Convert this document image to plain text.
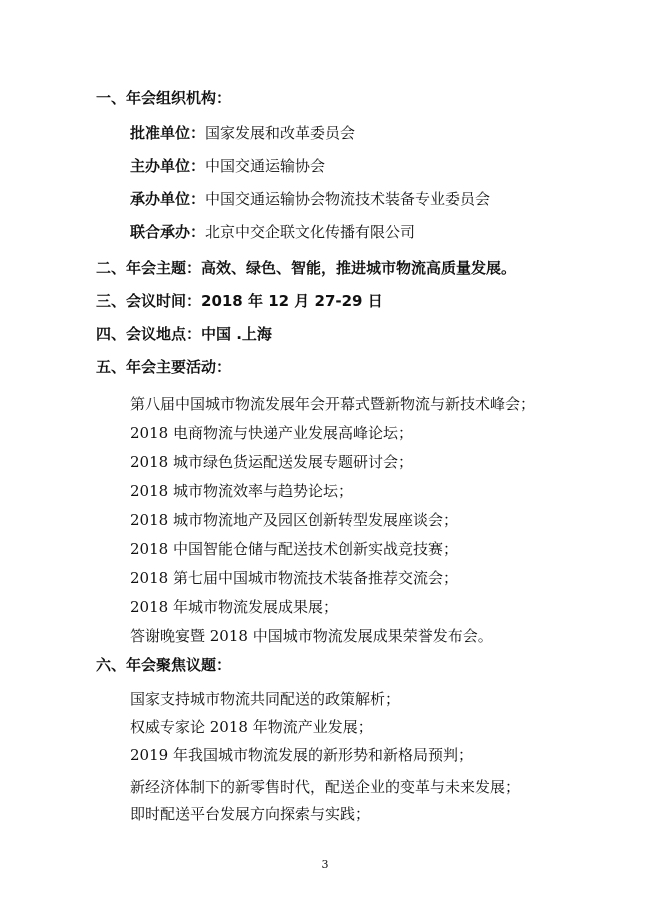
一、年会组织机构：
批准单位：国家发展和改革委员会
主办单位：中国交通运输协会
承办单位：中国交通运输协会物流技术装备专业委员会
联合承办：北京中交企联文化传播有限公司
二、年会主题：高效、绿色、智能，推进城市物流高质量发展。
三、会议时间：2018 年 12 月 27-29 日
四、会议地点：中国 .上海
五、年会主要活动：
第八届中国城市物流发展年会开幕式暨新物流与新技术峰会；
2018 电商物流与快递产业发展高峰论坛；
2018 城市绿色货运配送发展专题研讨会；
2018 城市物流效率与趋势论坛；
2018 城市物流地产及园区创新转型发展座谈会；
2018 中国智能仓储与配送技术创新实战竞技赛；
2018 第七届中国城市物流技术装备推荐交流会；
2018 年城市物流发展成果展；
答谢晚宴暨 2018 中国城市物流发展成果荣誉发布会。
六、年会聚焦议题：
国家支持城市物流共同配送的政策解析；
权威专家论 2018 年物流产业发展；
2019 年我国城市物流发展的新形势和新格局预判；
新经济体制下的新零售时代，配送企业的变革与未来发展；
即时配送平台发展方向探索与实践；
3
